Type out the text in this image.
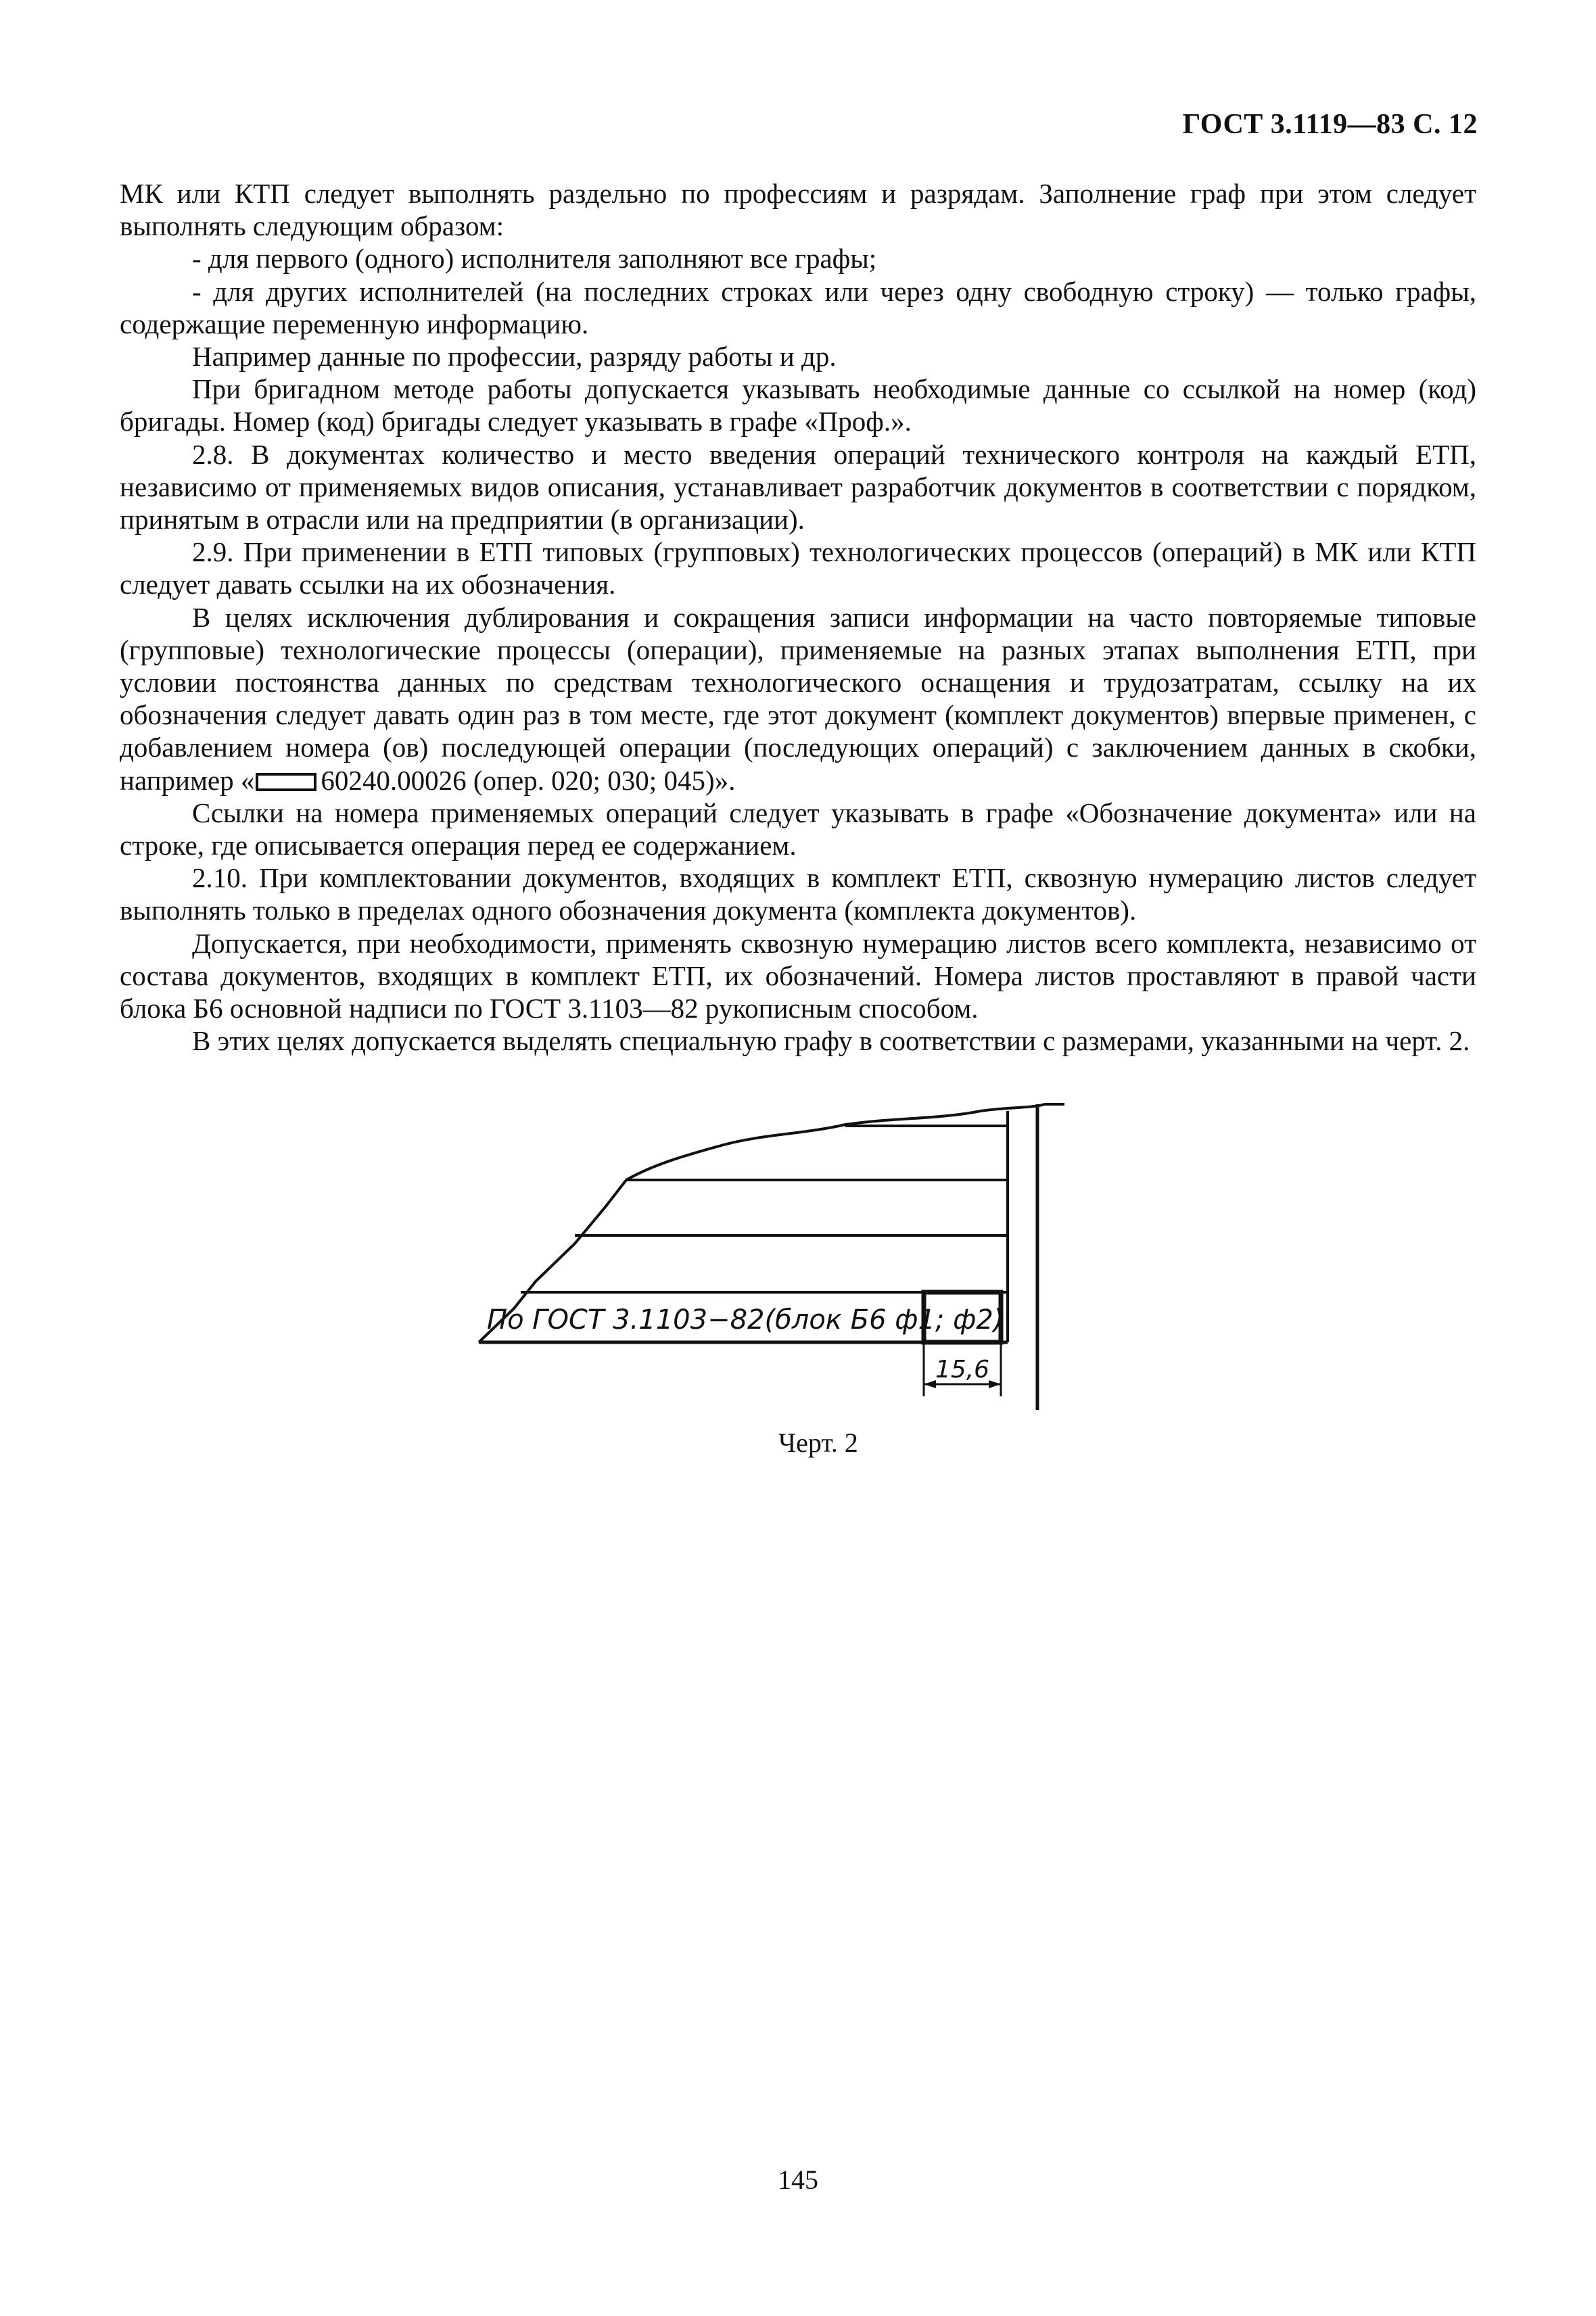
ГОСТ 3.1119—83 С. 12

МК или КТП следует выполнять раздельно по профессиям и разрядам. Заполнение граф при этом следует выполнять следующим образом:

- для первого (одного) исполнителя заполняют все графы;

- для других исполнителей (на последних строках или через одну свободную строку) — только графы, содержащие переменную информацию.

Например данные по профессии, разряду работы и др.

При бригадном методе работы допускается указывать необходимые данные со ссылкой на номер (код) бригады. Номер (код) бригады следует указывать в графе «Проф.».

2.8. В документах количество и место введения операций технического контроля на каждый ЕТП, независимо от применяемых видов описания, устанавливает разработчик документов в соответствии с порядком, принятым в отрасли или на предприятии (в организации).

2.9. При применении в ЕТП типовых (групповых) технологических процессов (операций) в МК или КТП следует давать ссылки на их обозначения.

В целях исключения дублирования и сокращения записи информации на часто повторяемые типовые (групповые) технологические процессы (операции), применяемые на разных этапах выполнения ЕТП, при условии постоянства данных по средствам технологического оснащения и трудозатратам, ссылку на их обозначения следует давать один раз в том месте, где этот документ (комплект документов) впервые применен, с добавлением номера (ов) последующей операции (последующих операций) с заключением данных в скобки, например « 60240.00026 (опер. 020; 030; 045)».

Ссылки на номера применяемых операций следует указывать в графе «Обозначение документа» или на строке, где описывается операция перед ее содержанием.

2.10. При комплектовании документов, входящих в комплект ЕТП, сквозную нумерацию листов следует выполнять только в пределах одного обозначения документа (комплекта документов).

Допускается, при необходимости, применять сквозную нумерацию листов всего комплекта, независимо от состава документов, входящих в комплект ЕТП, их обозначений. Номера листов проставляют в правой части блока Б6 основной надписи по ГОСТ 3.1103—82 рукописным способом.

В этих целях допускается выделять специальную графу в соответствии с размерами, указанными на черт. 2.

По ГОСТ 3.1103−82(блок Б6 ф1; ф2)
15,6
Черт. 2
145
